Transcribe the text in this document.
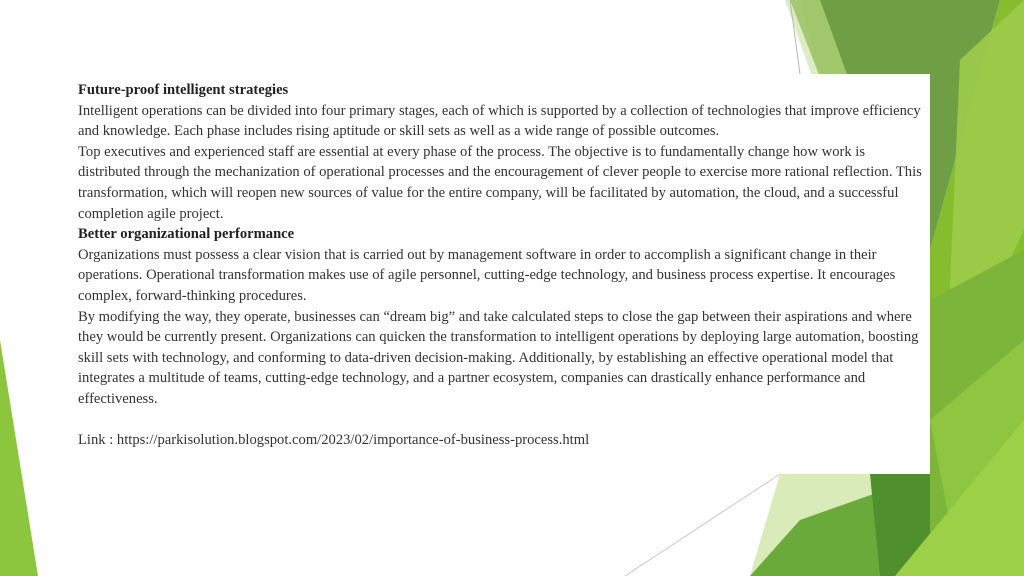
Future-proof intelligent strategies

Intelligent operations can be divided into four primary stages, each of which is supported by a collection of technologies that improve efficiency and knowledge. Each phase includes rising aptitude or skill sets as well as a wide range of possible outcomes.

Top executives and experienced staff are essential at every phase of the process. The objective is to fundamentally change how work is distributed through the mechanization of operational processes and the encouragement of clever people to exercise more rational reflection. This transformation, which will reopen new sources of value for the entire company, will be facilitated by automation, the cloud, and a successful completion agile project.

Better organizational performance

Organizations must possess a clear vision that is carried out by management software in order to accomplish a significant change in their operations. Operational transformation makes use of agile personnel, cutting-edge technology, and business process expertise. It encourages complex, forward-thinking procedures.

By modifying the way, they operate, businesses can “dream big” and take calculated steps to close the gap between their aspirations and where they would be currently present. Organizations can quicken the transformation to intelligent operations by deploying large automation, boosting skill sets with technology, and conforming to data-driven decision-making. Additionally, by establishing an effective operational model that integrates a multitude of teams, cutting-edge technology, and a partner ecosystem, companies can drastically enhance performance and effectiveness.

Link : https://parkisolution.blogspot.com/2023/02/importance-of-business-process.html
